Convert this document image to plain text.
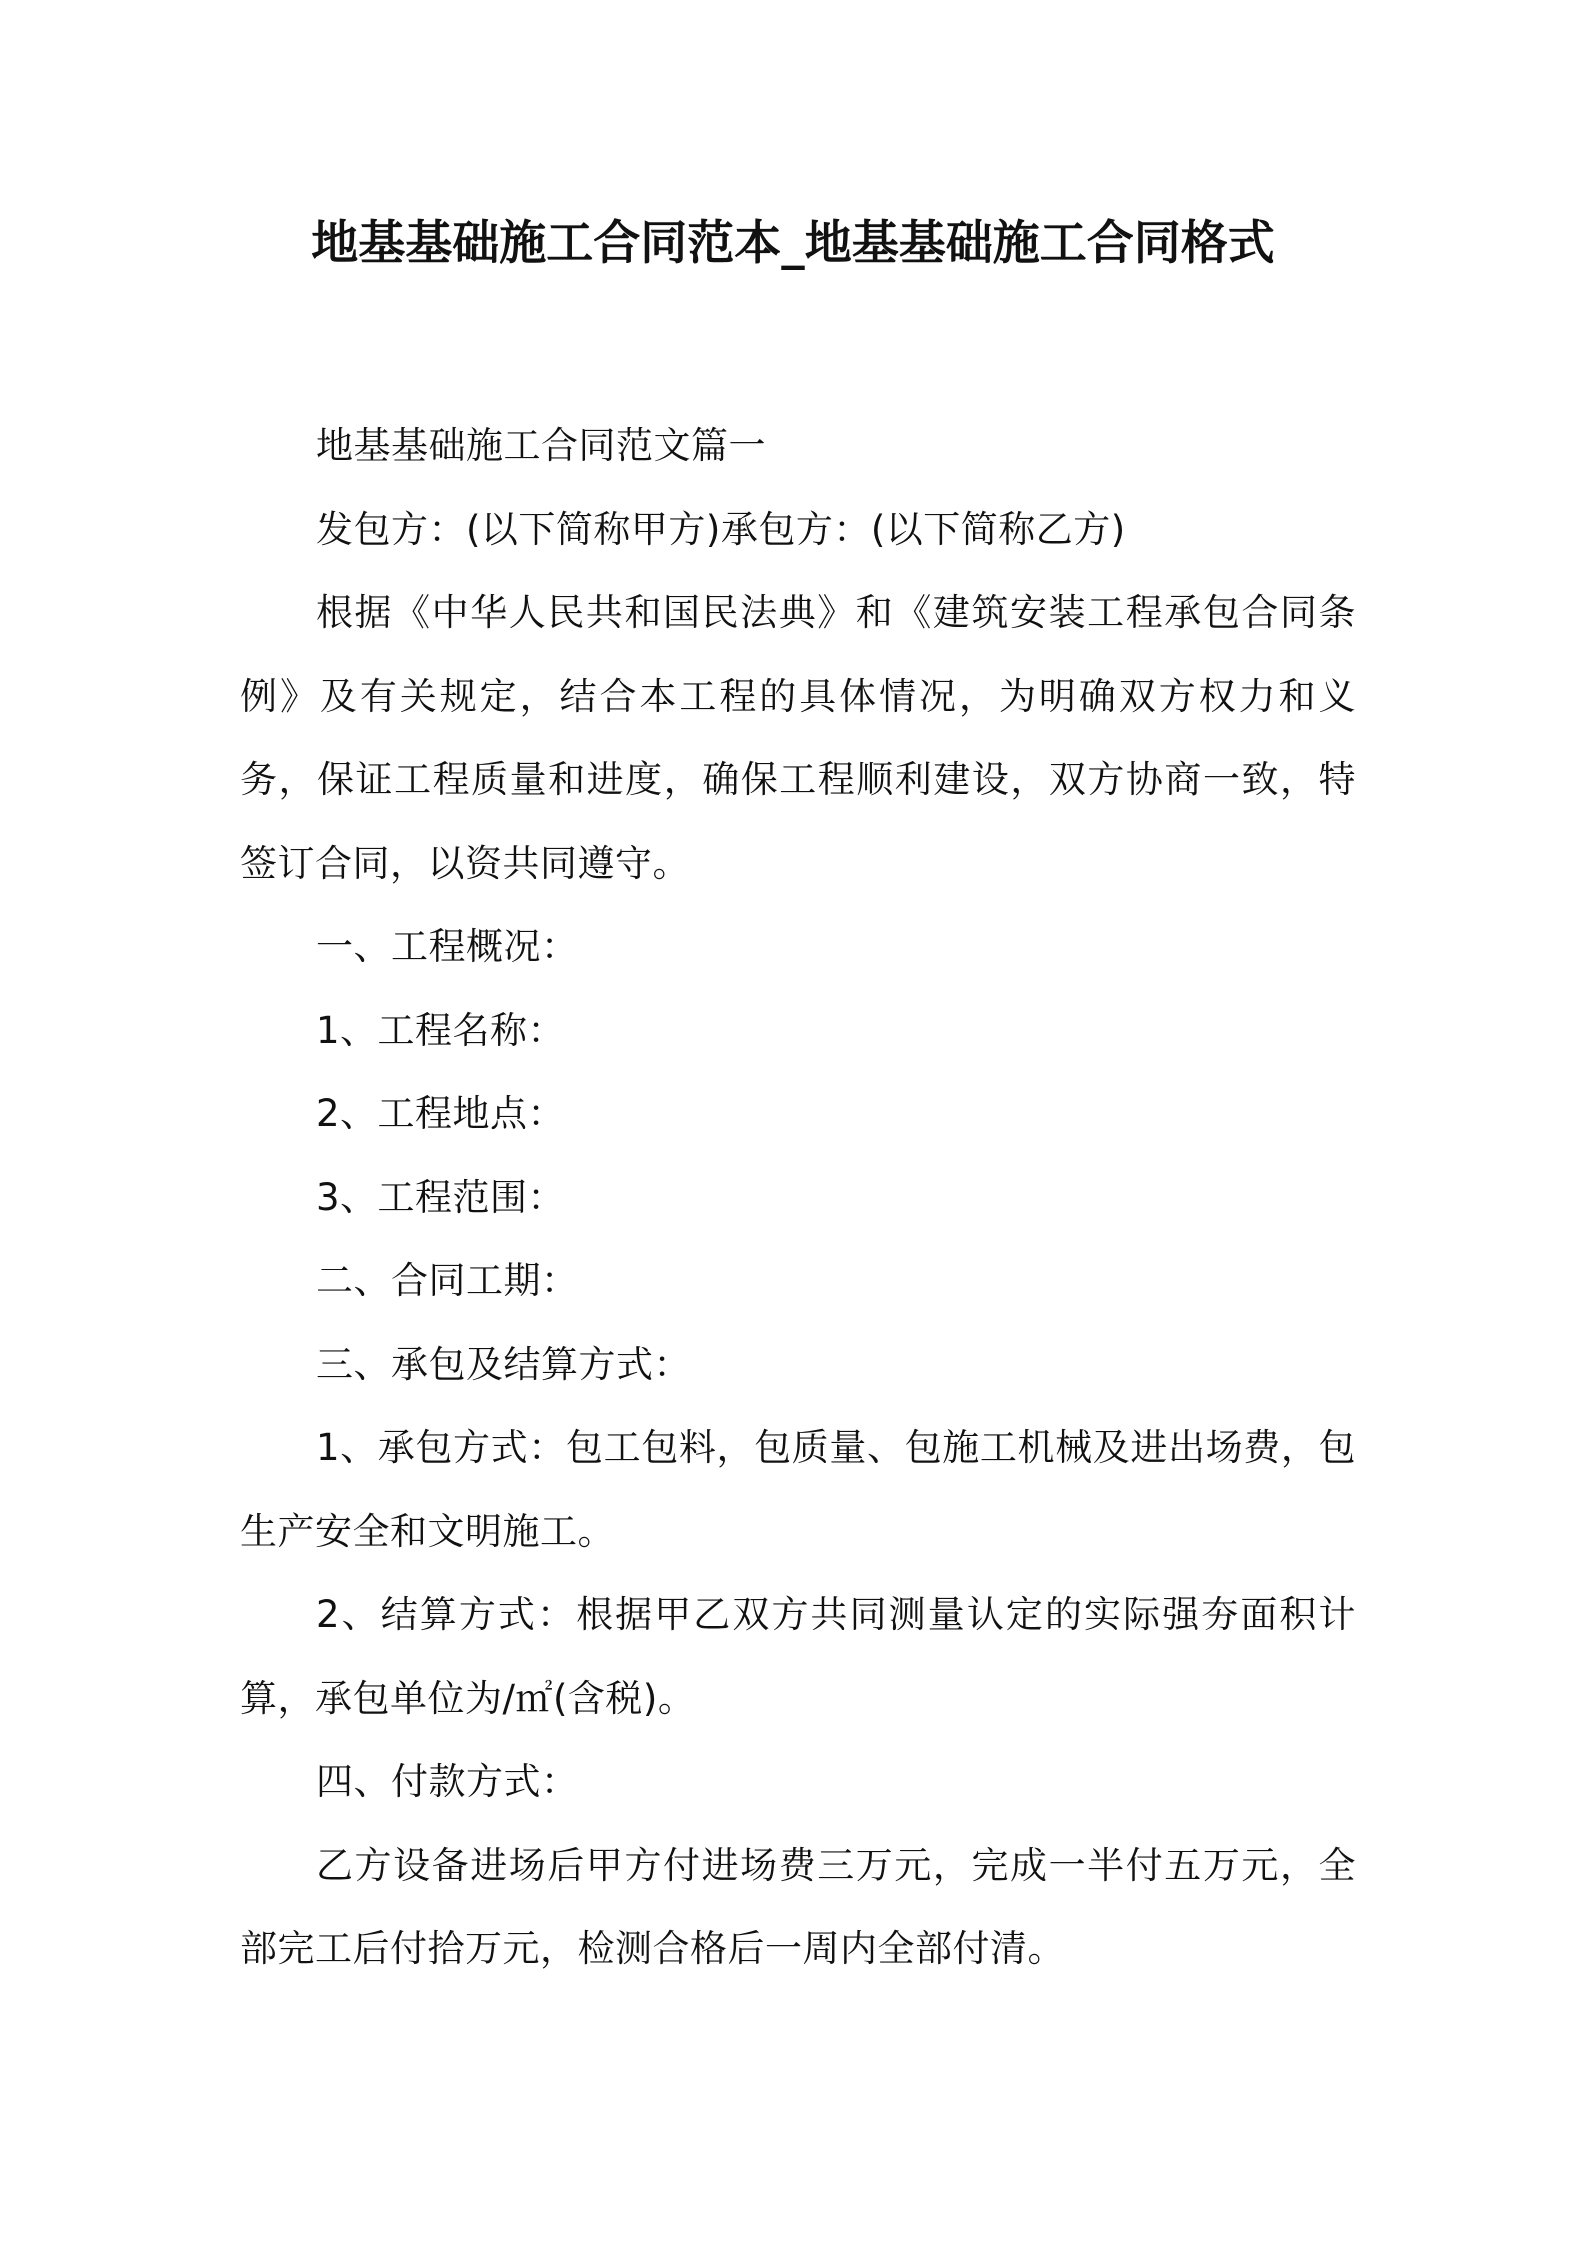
地基基础施工合同范本_地基基础施工合同格式

地基基础施工合同范文篇一

发包方：(以下简称甲方)承包方：(以下简称乙方)

根据《中华人民共和国民法典》和《建筑安装工程承包合同条例》及有关规定，结合本工程的具体情况，为明确双方权力和义务，保证工程质量和进度，确保工程顺利建设，双方协商一致，特签订合同，以资共同遵守。

一、工程概况：

1、工程名称：

2、工程地点：

3、工程范围：

二、合同工期：

三、承包及结算方式：

1、承包方式：包工包料，包质量、包施工机械及进出场费，包生产安全和文明施工。

2、结算方式：根据甲乙双方共同测量认定的实际强夯面积计算，承包单位为/㎡(含税)。

四、付款方式：

乙方设备进场后甲方付进场费三万元，完成一半付五万元，全部完工后付拾万元，检测合格后一周内全部付清。
